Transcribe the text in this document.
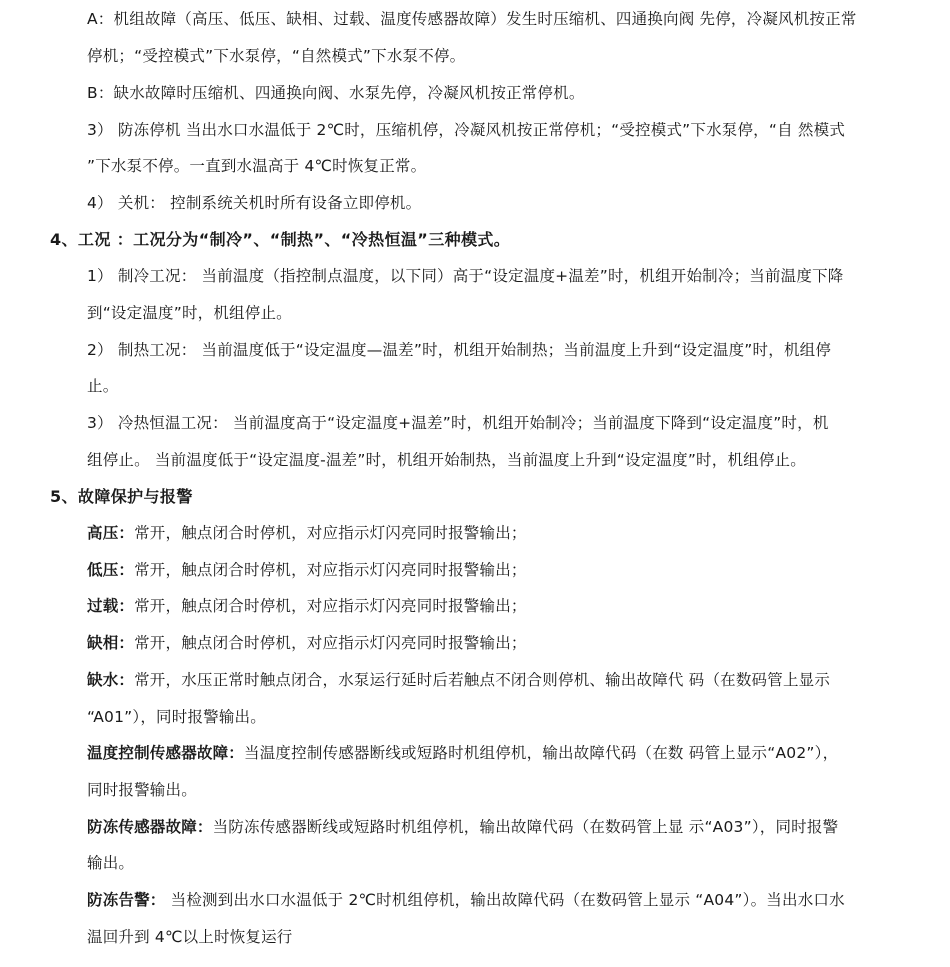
A：机组故障（高压、低压、缺相、过载、温度传感器故障）发生时压缩机、四通换向阀 先停，冷凝风机按正常
停机；“受控模式”下水泵停，“自然模式”下水泵不停。
B：缺水故障时压缩机、四通换向阀、水泵先停，冷凝风机按正常停机。
3） 防冻停机 当出水口水温低于 2℃时，压缩机停，冷凝风机按正常停机；“受控模式”下水泵停，“自 然模式
”下水泵不停。一直到水温高于 4℃时恢复正常。
4） 关机： 控制系统关机时所有设备立即停机。
4、工况 ：工况分为“制冷”、“制热”、“冷热恒温”三种模式。
1） 制冷工况： 当前温度（指控制点温度，以下同）高于“设定温度+温差”时，机组开始制冷；当前温度下降
到“设定温度”时，机组停止。
2） 制热工况： 当前温度低于“设定温度—温差”时，机组开始制热；当前温度上升到“设定温度”时，机组停
止。
3） 冷热恒温工况： 当前温度高于“设定温度+温差”时，机组开始制冷；当前温度下降到“设定温度”时，机
组停止。 当前温度低于“设定温度-温差”时，机组开始制热，当前温度上升到“设定温度”时，机组停止。
5、故障保护与报警
高压：常开，触点闭合时停机，对应指示灯闪亮同时报警输出；
低压：常开，触点闭合时停机，对应指示灯闪亮同时报警输出；
过载：常开，触点闭合时停机，对应指示灯闪亮同时报警输出；
缺相：常开，触点闭合时停机，对应指示灯闪亮同时报警输出；
缺水：常开，水压正常时触点闭合，水泵运行延时后若触点不闭合则停机、输出故障代 码（在数码管上显示
“A01”），同时报警输出。
温度控制传感器故障：当温度控制传感器断线或短路时机组停机，输出故障代码（在数 码管上显示“A02”），
同时报警输出。
防冻传感器故障：当防冻传感器断线或短路时机组停机，输出故障代码（在数码管上显 示“A03”），同时报警
输出。
防冻告警： 当检测到出水口水温低于 2℃时机组停机，输出故障代码（在数码管上显示 “A04”）。当出水口水
温回升到 4℃以上时恢复运行
